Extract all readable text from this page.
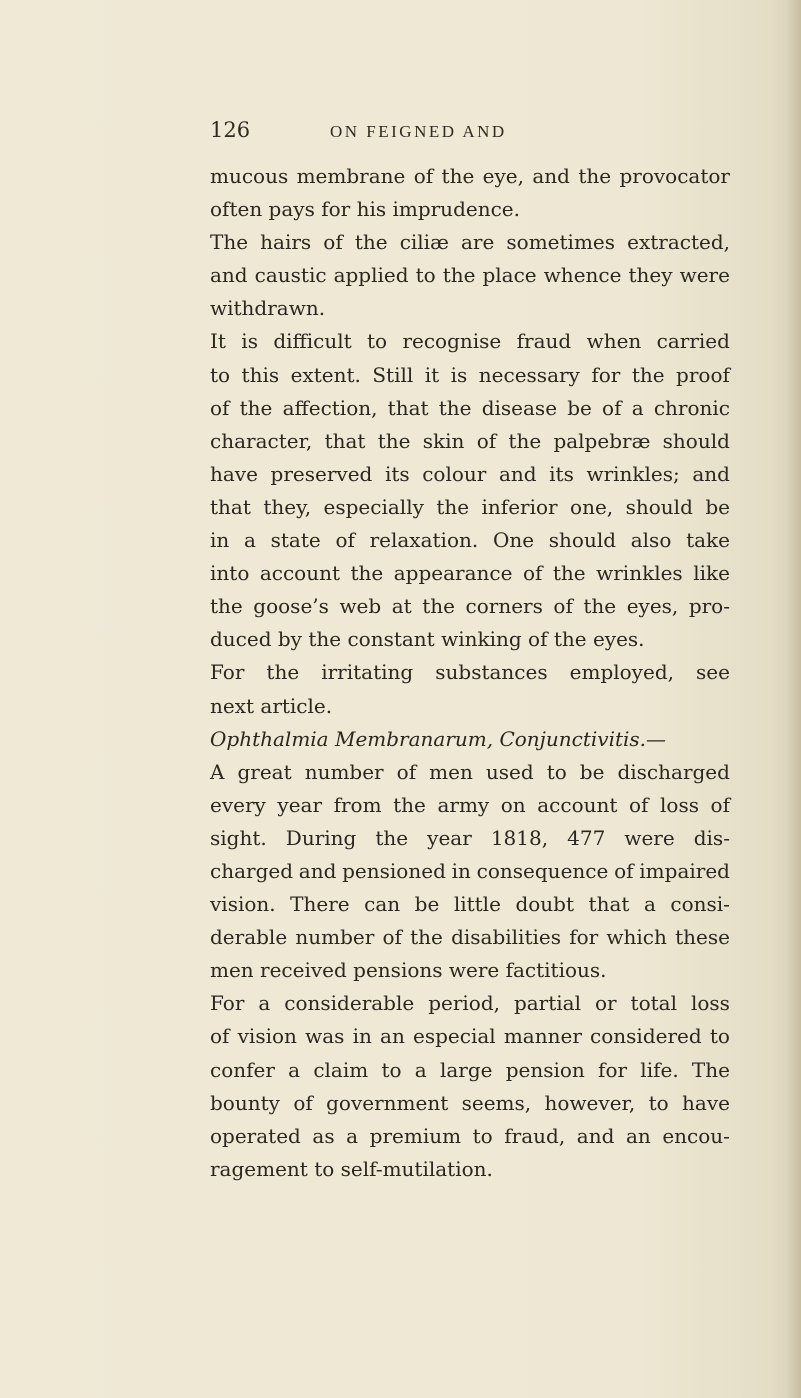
126	ON FEIGNED AND
mucous membrane of the eye, and the provocator
often pays for his imprudence.
The hairs of the ciliæ are sometimes extracted,
and caustic applied to the place whence they were
withdrawn.
It is difficult to recognise fraud when carried
to this extent. Still it is necessary for the proof
of the affection, that the disease be of a chronic
character, that the skin of the palpebræ should
have preserved its colour and its wrinkles; and
that they, especially the inferior one, should be
in a state of relaxation. One should also take
into account the appearance of the wrinkles like
the goose’s web at the corners of the eyes, pro-
duced by the constant winking of the eyes.
For the irritating substances employed, see
next article.
Ophthalmia Membranarum, Conjunctivitis.—
A great number of men used to be discharged
every year from the army on account of loss of
sight. During the year 1818, 477 were dis-
charged and pensioned in consequence of impaired
vision. There can be little doubt that a consi-
derable number of the disabilities for which these
men received pensions were factitious.
For a considerable period, partial or total loss
of vision was in an especial manner considered to
confer a claim to a large pension for life. The
bounty of government seems, however, to have
operated as a premium to fraud, and an encou-
ragement to self-mutilation.
